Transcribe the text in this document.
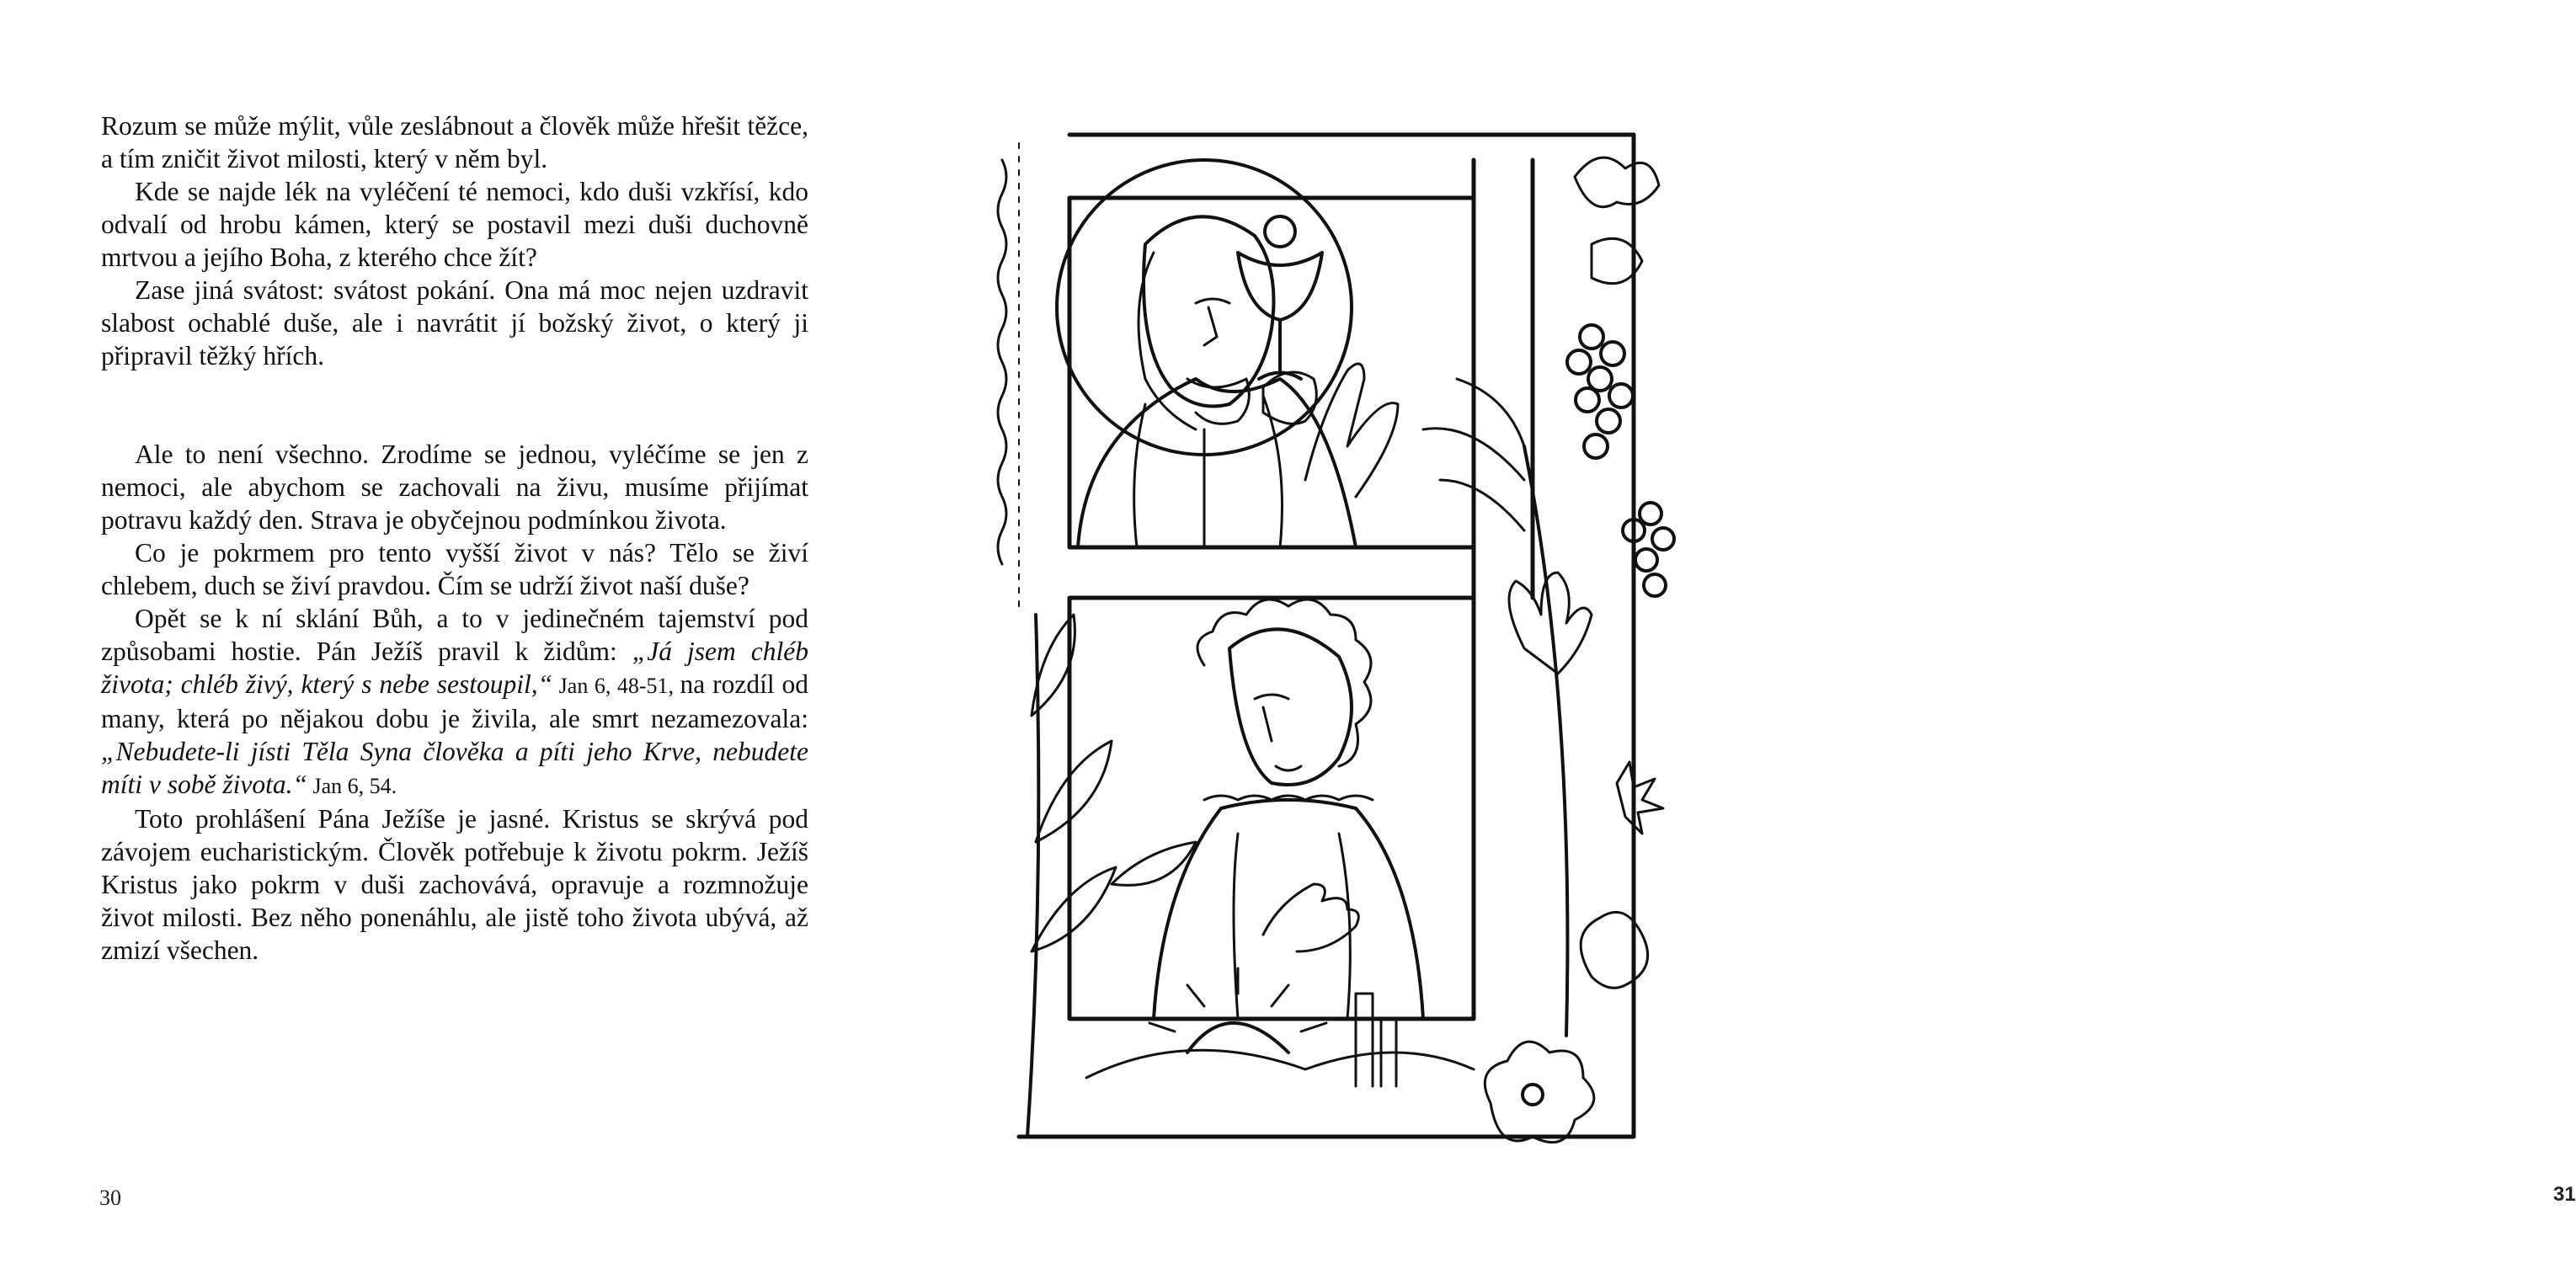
Rozum se může mýlit, vůle zeslábnout a člověk může hřešit těžce, a tím zničit život milosti, který v něm byl.

Kde se najde lék na vyléčení té nemoci, kdo duši vzkřísí, kdo odvalí od hrobu kámen, který se postavil mezi duši duchovně mrtvou a jejího Boha, z kterého chce žít?

Zase jiná svátost: svátost pokání. Ona má moc nejen uzdravit slabost ochablé duše, ale i navrátit jí božský život, o který ji připravil těžký hřích.

Ale to není všechno. Zrodíme se jednou, vyléčíme se jen z nemoci, ale abychom se zachovali na živu, musíme přijímat potravu každý den. Strava je obyčejnou podmínkou života.

Co je pokrmem pro tento vyšší život v nás? Tělo se živí chlebem, duch se živí pravdou. Čím se udrží život naší duše?

Opět se k ní sklání Bůh, a to v jedinečném tajemství pod způsobami hostie. Pán Ježíš pravil k židům: „Já jsem chléb života; chléb živý, který s nebe sestoupil,“ Jan 6, 48-51, na rozdíl od many, která po nějakou dobu je živila, ale smrt nezamezovala: „Nebudete-li jísti Těla Syna člověka a píti jeho Krve, nebudete míti v sobě života.“ Jan 6, 54.

Toto prohlášení Pána Ježíše je jasné. Kristus se skrývá pod závojem eucharistickým. Člověk potřebuje k životu pokrm. Ježíš Kristus jako pokrm v duši zachovává, opravuje a rozmnožuje život milosti. Bez něho ponenáhlu, ale jistě toho života ubývá, až zmizí všechen.

30	31
